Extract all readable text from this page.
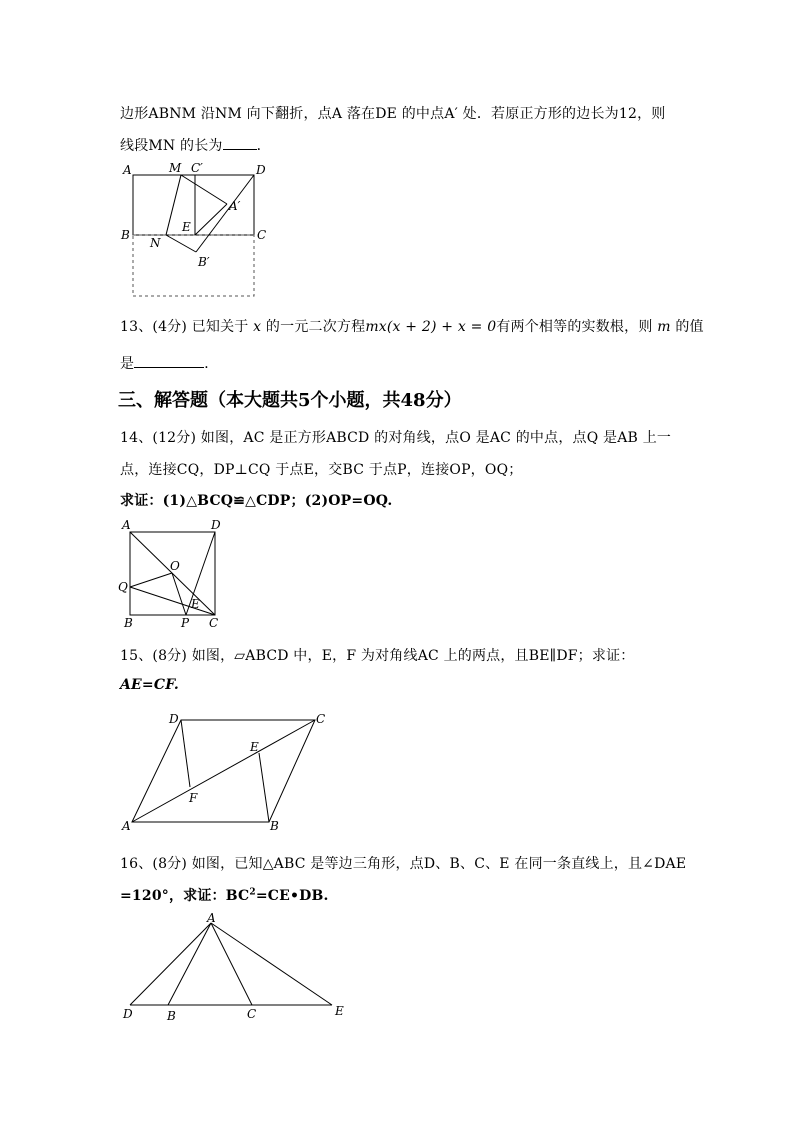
边形ABNM 沿NM 向下翻折，点A 落在DE 的中点A′ 处．若原正方形的边长为12，则
线段MN 的长为 ．
A	M C′	D
A′
E
B
N
C
B′
13、(4分) 已知关于 x 的一元二次方程mx(x + 2) + x = 0有两个相等的实数根，则 m 的值
是	．
三、解答题（本大题共5个小题，共48分）
14、(12分) 如图，AC 是正方形ABCD 的对角线，点O 是AC 的中点，点Q 是AB 上一
点，连接CQ，DP⊥CQ 于点E，交BC 于点P，连接OP，OQ；
求证：(1)△BCQ≌△CDP；(2)OP=OQ.
A	D
O
Q
E
B	P C
15、(8分) 如图，▱ABCD 中，E，F 为对角线AC 上的两点，且BE∥DF；求证：
AE=CF.
D	C
E
F
A	B
16、(8分) 如图，已知△ABC 是等边三角形，点D、B、C、E 在同一条直线上，且∠DAE
=120°，求证：$BC^2=CE•DB$.
A
D	B	C	E
